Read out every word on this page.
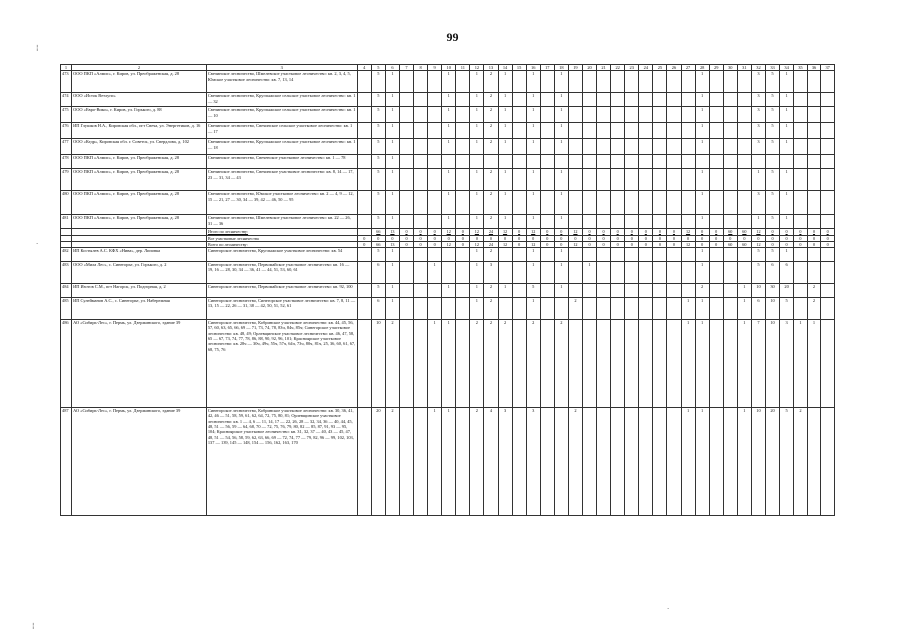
99
¦
·
¦
·
1	2	3	4	5	6	7	8	9	10	11	12	13	14	15	16	17	18	19	20	21	22	23	24	25	26	27	28	29	30	31	32	33	34	35	36	37
473	ООО ПКП «Алмис», г. Киров, ул. Преображенская, д. 28	Свечинское лесничество, Шмелевское участковое лесничество: кв. 2, 3, 4, 5, Юмское участковое лесничество: кв. 7, 13, 14		5	1				1		1	2	1		1		1										1				3	5	1			
474	ООО «Исток Ветлуги»	Свечинское лесничество, Круглыжское сельское участковое лесничество: кв. 1 — 32		5	1				1		1	2	1		1		1										1				3	5	1			
475	ООО «Евро-Вико», г. Киров, ул. Горького, д. 88	Свечинское лесничество, Круглыжское сельское участковое лесничество: кв. 1 — 10		5	1				1		1	2	1		1		1										1				3	5	1			
476	ИП Глушков Н.А., Кировская обл., пгт Свеча, ул. Энергетиков, д. 16	Свечинское лесничество, Свечинское сельское участковое лесничество: кв. 1 — 17		5	1				1		1	2	1		1		1										1				3	5	1			
477	ООО «Кедр», Кировская обл. г. Советск, ул. Свердлова, д. 102	Свечинское лесничество, Круглыжское сельское участковое лесничество: кв. 1 — 18		5	1				1		1	2	1		1		1										1				3	5	1			
478	ООО ПКП «Алмис», г. Киров, ул. Преображенская, д. 28	Свечинское лесничество, Свеченское участковое лесничество: кв. 1 — 78		5	1																															
479	ООО ПКП «Алмис», г. Киров, ул. Преображенская, д. 28	Свечинское лесничество, Свечинское участковое лесничество: кв. 8, 14 — 17, 23 — 31, 34 — 43		5	1				1		1	2	1		1		1										1				1	5	1			
480	ООО ПКП «Алмис», г. Киров, ул. Преображенская, д. 28	Свечинское лесничество, Юмское участковое лесничество: кв. 2 — 4, 9 — 12, 15 — 21, 27 — 30, 34 — 39, 42 — 46, 50 — 95		5	1				1		1	2	1		1		1										1				3	5	1			
481	ООО ПКП «Алмис», г. Киров, ул. Преображенская, д. 28	Свечинское лесничество, Шмелевское участковое лесничество: кв. 22 — 26, 31 — 36		5	1				1		1	2	1		1		1										1				1	5	1			
		Итого по лесничеству:		66	13	0	0	0	12	0	12	24	12	0	12	0	0	12	0	0	0	0	0	0	0	12	0	0	60	60	12	0	0	0	0	0
		Все участковые лесничества	0	0	0	0	0	0	0	0	0	0	0	0	0	0	0	0	0	0	0	0	0	0	0	0	0	0	0	0	0	0	0	0	0	0
		Всего по лесничеству:	0	66	13	0	0	0	12	0	12	24	12	0	12	0	0	12	0	0	0	0	0	0	0	12	0	0	60	60	12	0	0	0	0	0
482	ИП Костылев А.С. КФХ «Нива», дер. Липовка	Синегорское лесничество, Круглыжское участковое лесничество: кв. 54		5	1						1	2			1		1										1				5	5	1			
483	ООО «Мила Лес», с. Синегорье, ул. Горького, д. 2	Синегорское лесничество, Первомайское участковое лесничество: кв. 16 — 19, 16 — 28, 30, 34 — 36, 41 — 44, 51, 53, 60, 61		6	1			1			1	3			1		1		1								1				5	6	6			
484	ИП Изотов С.М., пгт Нагорск, ул. Подгорная, д. 2	Синегорское лесничество, Первомайское участковое лесничество: кв. 92, 100		5	1				1		1	2	1		5		1										2			1	10	30	20		2	
485	ИП Сулейманов А.С., с. Синегорье, ул. Набережная	Синегорское лесничество, Синегорское участковое лесничество: кв. 7, 8, 11 — 13, 15 — 22, 26 — 31, 38 — 42, 50, 51, 52, 61		6	1						1	2			1			2								1	1			1	6	10	5		2	
486	АО «Сибирь-Лес», г. Пермь, ул. Дзержинского, здание 39	Синегорское лесничество, Кобринское участковое лесничество: кв. 44, 45, 56, 57, 60, 63, 65, 66, 69 — 71, 73, 74, 78, 83ч, 84ч, 85ч; Синегорское участковое лесничество: кв. 48, 49; Орлевщинское участковое лесничество: кв. 46, 47, 58, 65 — 67, 73, 74, 77, 78, 86, 88, 90, 92, 96, 101; Красноярское участковое лесничество: кв. 28ч — 30ч, 49ч, 55ч, 57ч, 64ч, 73ч, 80ч, 81ч, 25, 36, 60, 61, 67, 68, 75, 76		10	2			1	1		2	2	2		2		2									1	1			1	7	10	3	1	1	
487	АО «Сибирь-Лес», г. Пермь, ул. Дзержинского, здание 39	Синегорское лесничество, Кобринское участковое лесничество: кв. 30, 36, 41, 42, 46 — 51, 58, 59, 61, 62, 64, 72, 75, 80, 81; Орлевщинское участковое лесничество: кв. 1 — 4, 6 — 11, 14, 17 — 22, 26, 28 — 32, 34, 36 — 40, 44, 45, 48, 51 — 56, 59 — 64, 68, 70 — 72, 75, 76, 79, 80, 82 — 85, 87, 91, 93 — 95, 104; Красноярское участковое лесничество: кв. 31, 32, 37 — 40, 43 — 45, 47, 48, 51 — 54, 56, 58, 59, 62, 63, 66, 69 — 72, 74, 77 — 79, 82, 96 — 99, 102, 103, 137 — 139, 145 — 148, 154 — 156, 162, 163, 170		20	2			1	1		2	4	3		3			2								1	1			1	10	20	5	2		
